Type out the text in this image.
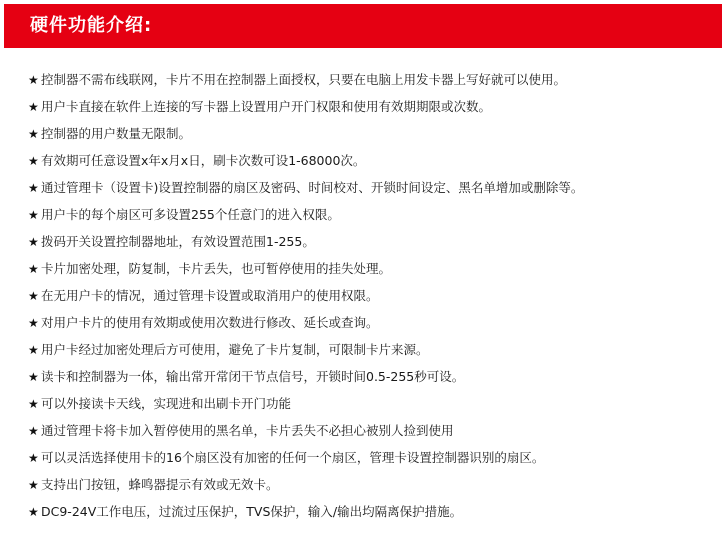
硬件功能介绍:
★ 控制器不需布线联网，卡片不用在控制器上面授权，只要在电脑上用发卡器上写好就可以使用。
★ 用户卡直接在软件上连接的写卡器上设置用户开门权限和使用有效期期限或次数。
★ 控制器的用户数量无限制。
★ 有效期可任意设置x年x月x日，刷卡次数可设1-68000次。
★ 通过管理卡（设置卡)设置控制器的扇区及密码、时间校对、开锁时间设定、黑名单增加或删除等。
★ 用户卡的每个扇区可多设置255个任意门的进入权限。
★ 拨码开关设置控制器地址，有效设置范围1-255。
★ 卡片加密处理，防复制，卡片丢失，也可暂停使用的挂失处理。
★ 在无用户卡的情况，通过管理卡设置或取消用户的使用权限。
★ 对用户卡片的使用有效期或使用次数进行修改、延长或查询。
★ 用户卡经过加密处理后方可使用，避免了卡片复制，可限制卡片来源。
★ 读卡和控制器为一体，输出常开常闭干节点信号，开锁时间0.5-255秒可设。
★ 可以外接读卡天线，实现进和出刷卡开门功能
★ 通过管理卡将卡加入暂停使用的黑名单，卡片丢失不必担心被别人捡到使用
★ 可以灵活选择使用卡的16个扇区没有加密的任何一个扇区，管理卡设置控制器识别的扇区。
★ 支持出门按钮，蜂鸣器提示有效或无效卡。
★ DC9-24V工作电压，过流过压保护，TVS保护，输入/输出均隔离保护措施。
